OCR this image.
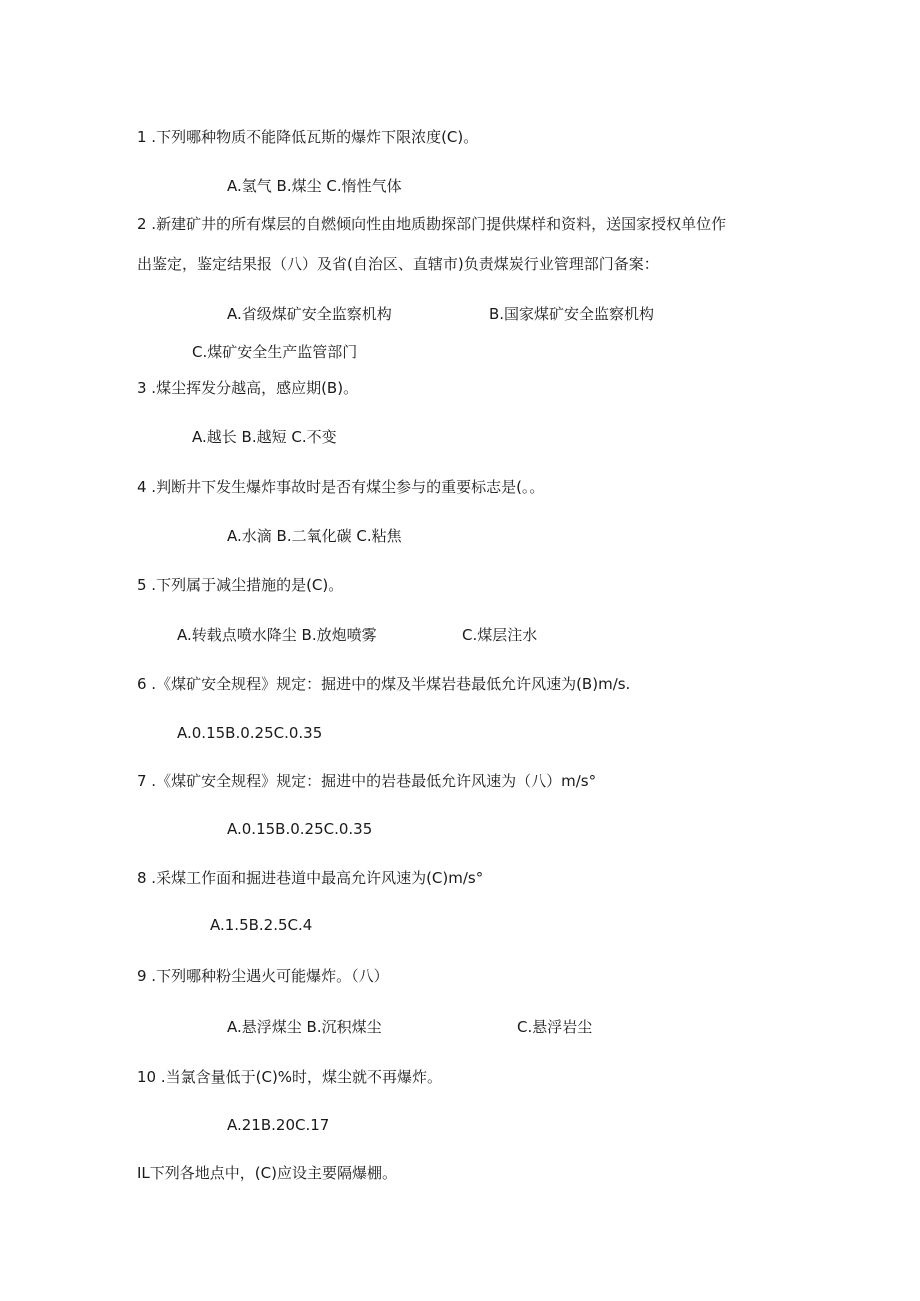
1 .下列哪种物质不能降低瓦斯的爆炸下限浓度(C)。
A.氢气 B.煤尘 C.惰性气体
2 .新建矿井的所有煤层的自燃倾向性由地质勘探部门提供煤样和资料，送国家授权单位作
出鉴定，鉴定结果报（八）及省(自治区、直辖市)负责煤炭行业管理部门备案：
A.省级煤矿安全监察机构	B.国家煤矿安全监察机构
C.煤矿安全生产监管部门
3 .煤尘挥发分越高，感应期(B)。
A.越长 B.越短 C.不变
4 .判断井下发生爆炸事故时是否有煤尘参与的重要标志是(。。
A.水滴 B.二氧化碳 C.粘焦
5 .下列属于减尘措施的是(C)。
A.转载点喷水降尘 B.放炮喷雾	C.煤层注水
6 .《煤矿安全规程》规定：掘进中的煤及半煤岩巷最低允许风速为(B)m∕s.
A.0.15B.0.25C.0.35
7 .《煤矿安全规程》规定：掘进中的岩巷最低允许风速为（八）m∕s°
A.0.15B.0.25C.0.35
8 .采煤工作面和掘进巷道中最高允许风速为(C)m∕s°
A.1.5B.2.5C.4
9 .下列哪种粉尘遇火可能爆炸。（八）
A.悬浮煤尘 B.沉积煤尘	C.悬浮岩尘
10 .当氯含量低于(C)%时，煤尘就不再爆炸。
A.21B.20C.17
IL下列各地点中，(C)应设主要隔爆棚。
